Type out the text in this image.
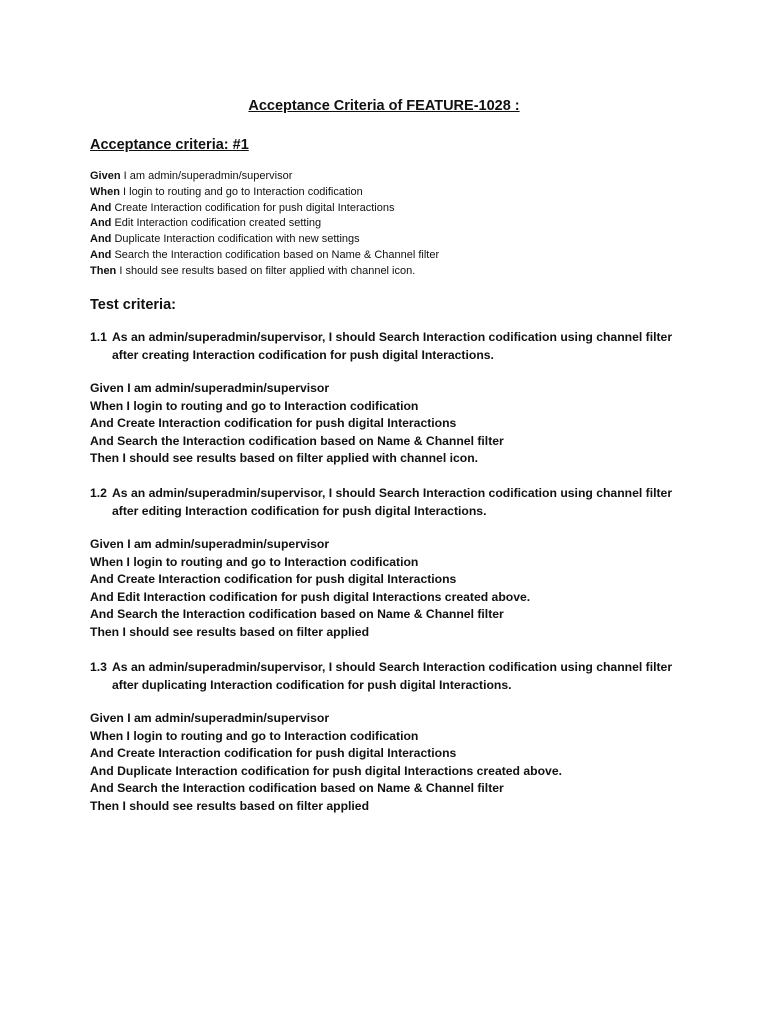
Acceptance Criteria of FEATURE-1028 :
Acceptance criteria: #1
Given I am admin/superadmin/supervisor
When I login to routing and go to Interaction codification
And Create Interaction codification for push digital Interactions
And Edit Interaction codification created setting
And Duplicate Interaction codification with new settings
And Search the Interaction codification based on Name & Channel filter
Then I should see results based on filter applied with channel icon.
Test criteria:
1.1 As an admin/superadmin/supervisor, I should Search Interaction codification using channel filter
after creating Interaction codification for push digital Interactions.
Given I am admin/superadmin/supervisor
When I login to routing and go to Interaction codification
And Create Interaction codification for push digital Interactions
And Search the Interaction codification based on Name & Channel filter
Then I should see results based on filter applied with channel icon.
1.2 As an admin/superadmin/supervisor, I should Search Interaction codification using channel filter
after editing Interaction codification for push digital Interactions.
Given I am admin/superadmin/supervisor
When I login to routing and go to Interaction codification
And Create Interaction codification for push digital Interactions
And Edit Interaction codification for push digital Interactions created above.
And Search the Interaction codification based on Name & Channel filter
Then I should see results based on filter applied
1.3 As an admin/superadmin/supervisor, I should Search Interaction codification using channel filter
after duplicating Interaction codification for push digital Interactions.
Given I am admin/superadmin/supervisor
When I login to routing and go to Interaction codification
And Create Interaction codification for push digital Interactions
And Duplicate Interaction codification for push digital Interactions created above.
And Search the Interaction codification based on Name & Channel filter
Then I should see results based on filter applied
